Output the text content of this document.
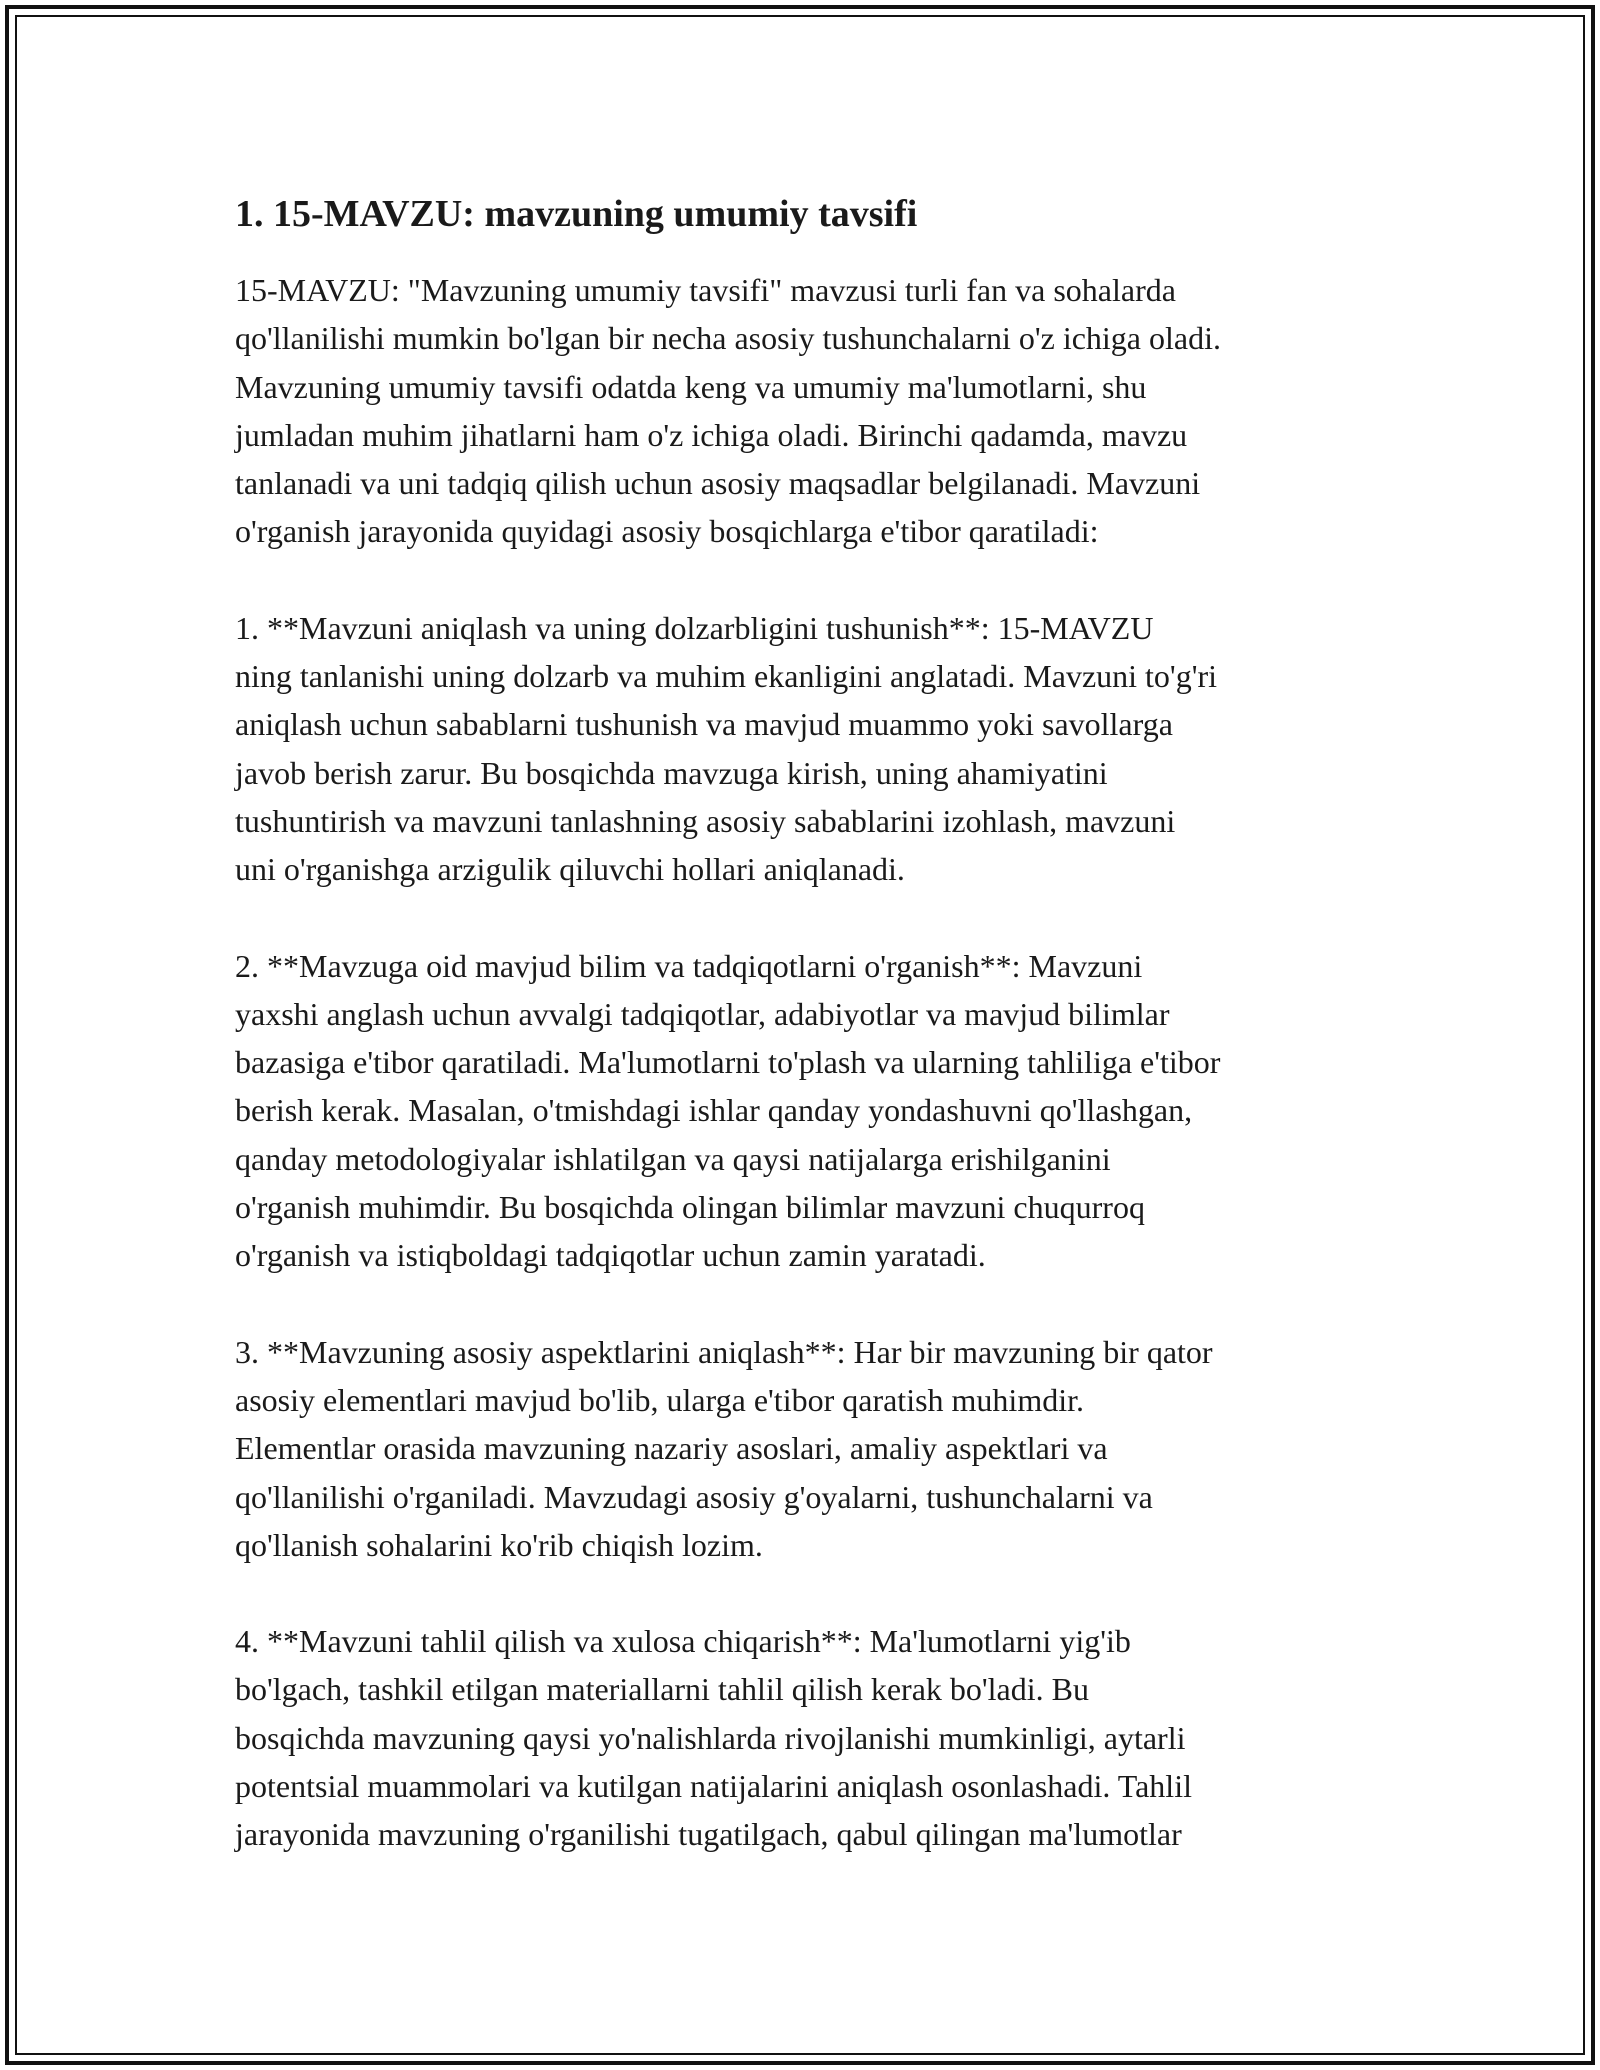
1. 15-MAVZU: mavzuning umumiy tavsifi

15-MAVZU: "Mavzuning umumiy tavsifi" mavzusi turli fan va sohalarda
qo'llanilishi mumkin bo'lgan bir necha asosiy tushunchalarni o'z ichiga oladi.
Mavzuning umumiy tavsifi odatda keng va umumiy ma'lumotlarni, shu
jumladan muhim jihatlarni ham o'z ichiga oladi. Birinchi qadamda, mavzu
tanlanadi va uni tadqiq qilish uchun asosiy maqsadlar belgilanadi. Mavzuni
o'rganish jarayonida quyidagi asosiy bosqichlarga e'tibor qaratiladi:

1. **Mavzuni aniqlash va uning dolzarbligini tushunish**: 15-MAVZU
ning tanlanishi uning dolzarb va muhim ekanligini anglatadi. Mavzuni to'g'ri
aniqlash uchun sabablarni tushunish va mavjud muammo yoki savollarga
javob berish zarur. Bu bosqichda mavzuga kirish, uning ahamiyatini
tushuntirish va mavzuni tanlashning asosiy sabablarini izohlash, mavzuni
uni o'rganishga arzigulik qiluvchi hollari aniqlanadi.

2. **Mavzuga oid mavjud bilim va tadqiqotlarni o'rganish**: Mavzuni
yaxshi anglash uchun avvalgi tadqiqotlar, adabiyotlar va mavjud bilimlar
bazasiga e'tibor qaratiladi. Ma'lumotlarni to'plash va ularning tahliliga e'tibor
berish kerak. Masalan, o'tmishdagi ishlar qanday yondashuvni qo'llashgan,
qanday metodologiyalar ishlatilgan va qaysi natijalarga erishilganini
o'rganish muhimdir. Bu bosqichda olingan bilimlar mavzuni chuqurroq
o'rganish va istiqboldagi tadqiqotlar uchun zamin yaratadi.

3. **Mavzuning asosiy aspektlarini aniqlash**: Har bir mavzuning bir qator
asosiy elementlari mavjud bo'lib, ularga e'tibor qaratish muhimdir.
Elementlar orasida mavzuning nazariy asoslari, amaliy aspektlari va
qo'llanilishi o'rganiladi. Mavzudagi asosiy g'oyalarni, tushunchalarni va
qo'llanish sohalarini ko'rib chiqish lozim.

4. **Mavzuni tahlil qilish va xulosa chiqarish**: Ma'lumotlarni yig'ib
bo'lgach, tashkil etilgan materiallarni tahlil qilish kerak bo'ladi. Bu
bosqichda mavzuning qaysi yo'nalishlarda rivojlanishi mumkinligi, aytarli
potentsial muammolari va kutilgan natijalarini aniqlash osonlashadi. Tahlil
jarayonida mavzuning o'rganilishi tugatilgach, qabul qilingan ma'lumotlar
